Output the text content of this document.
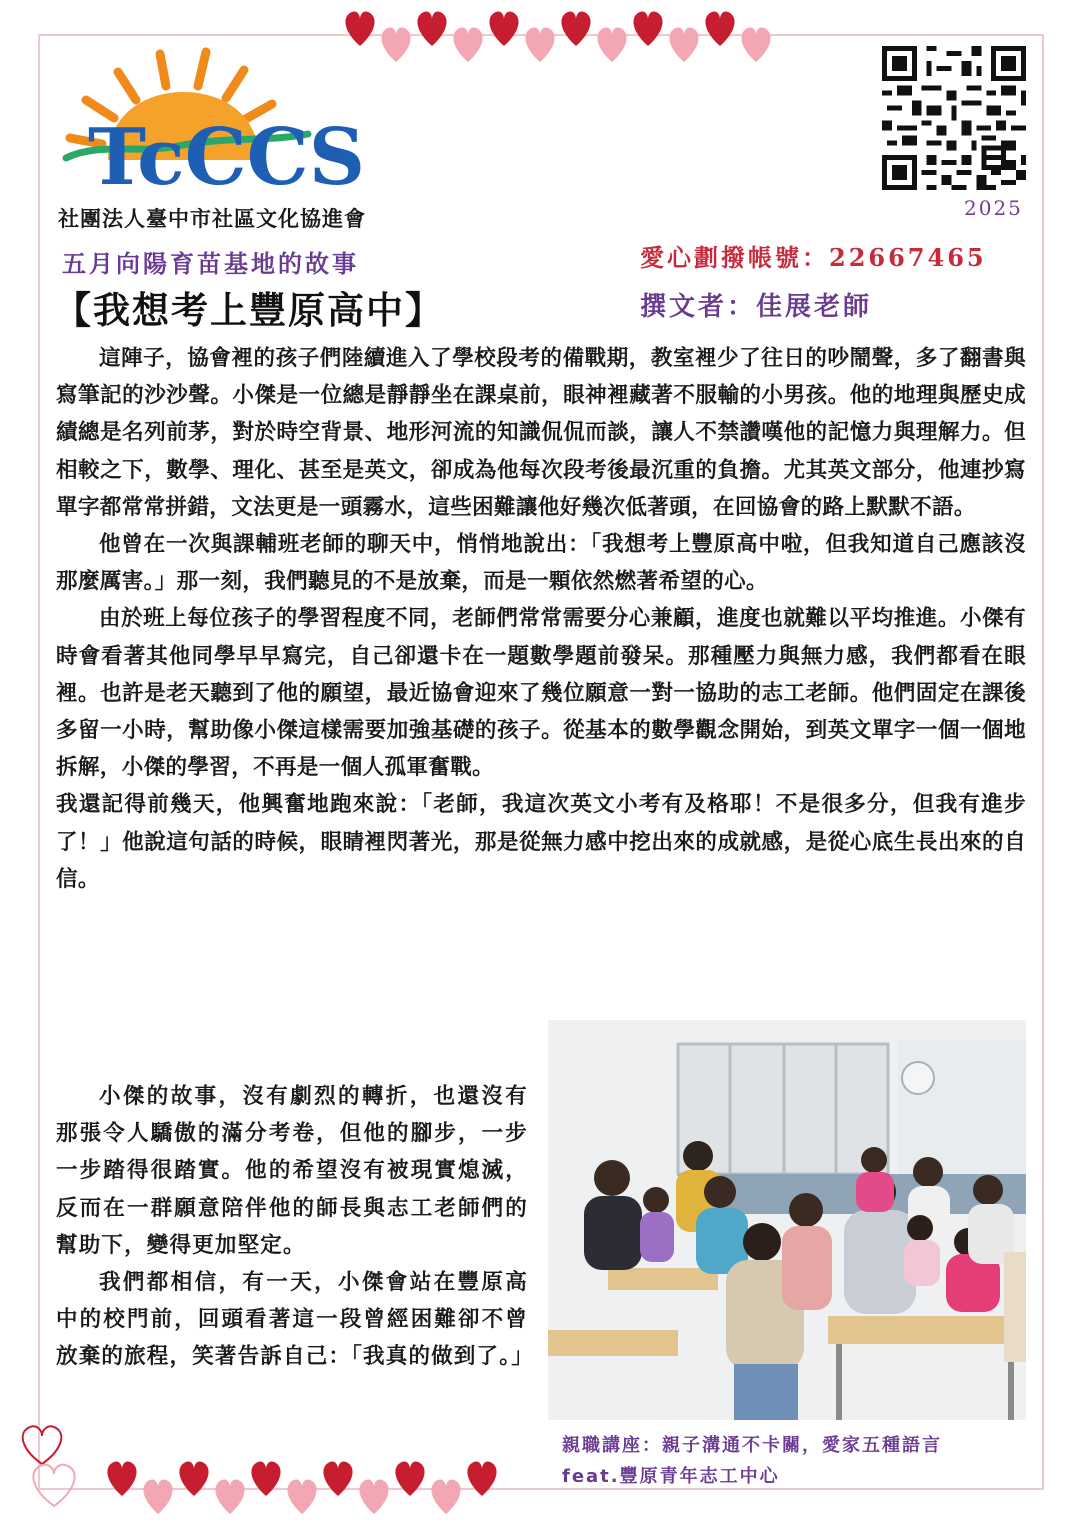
TcCCS
社團法人臺中市社區文化協進會	2025
五月向陽育苗基地的故事
【我想考上豐原高中】
愛心劃撥帳號：22667465
撰文者：佳展老師

這陣子，協會裡的孩子們陸續進入了學校段考的備戰期，教室裡少了往日的吵鬧聲，多了翻書與寫筆記的沙沙聲。小傑是一位總是靜靜坐在課桌前，眼神裡藏著不服輸的小男孩。他的地理與歷史成績總是名列前茅，對於時空背景、地形河流的知識侃侃而談，讓人不禁讚嘆他的記憶力與理解力。但相較之下，數學、理化、甚至是英文，卻成為他每次段考後最沉重的負擔。尤其英文部分，他連抄寫單字都常常拼錯，文法更是一頭霧水，這些困難讓他好幾次低著頭，在回協會的路上默默不語。

他曾在一次與課輔班老師的聊天中，悄悄地說出：「我想考上豐原高中啦，但我知道自己應該沒那麼厲害。」那一刻，我們聽見的不是放棄，而是一顆依然燃著希望的心。

由於班上每位孩子的學習程度不同，老師們常常需要分心兼顧，進度也就難以平均推進。小傑有時會看著其他同學早早寫完，自己卻還卡在一題數學題前發呆。那種壓力與無力感，我們都看在眼裡。也許是老天聽到了他的願望，最近協會迎來了幾位願意一對一協助的志工老師。他們固定在課後多留一小時，幫助像小傑這樣需要加強基礎的孩子。從基本的數學觀念開始，到英文單字一個一個地拆解，小傑的學習，不再是一個人孤軍奮戰。

我還記得前幾天，他興奮地跑來說：「老師，我這次英文小考有及格耶！不是很多分，但我有進步了！」他說這句話的時候，眼睛裡閃著光，那是從無力感中挖出來的成就感，是從心底生長出來的自信。

小傑的故事，沒有劇烈的轉折，也還沒有那張令人驕傲的滿分考卷，但他的腳步，一步一步踏得很踏實。他的希望沒有被現實熄滅，反而在一群願意陪伴他的師長與志工老師們的幫助下，變得更加堅定。

我們都相信，有一天，小傑會站在豐原高中的校門前，回頭看著這一段曾經困難卻不曾放棄的旅程，笑著告訴自己：「我真的做到了。」

親職講座：親子溝通不卡關，愛家五種語言
feat.豐原青年志工中心
